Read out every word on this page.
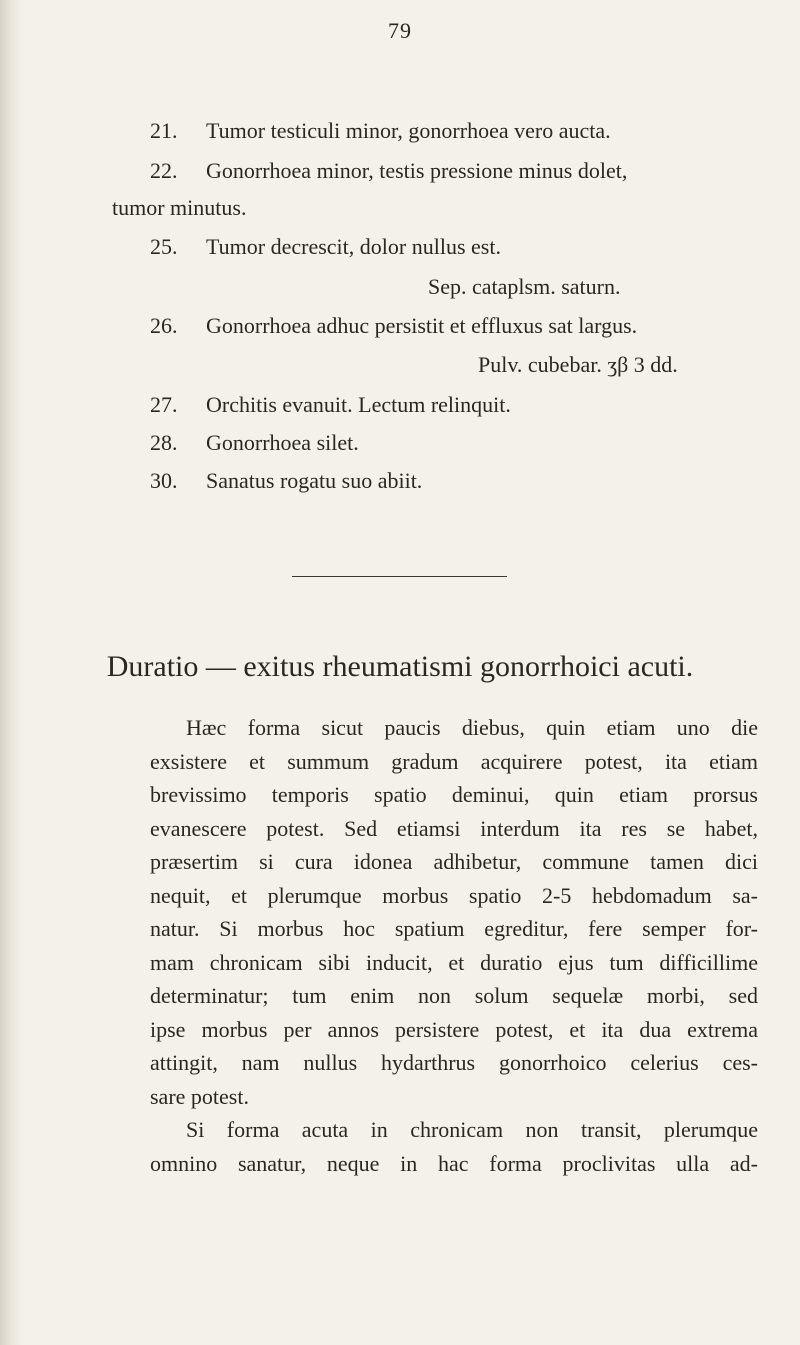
79
21. Tumor testiculi minor, gonorrhoea vero aucta.
22. Gonorrhoea minor, testis pressione minus dolet,
tumor minutus.
25. Tumor decrescit, dolor nullus est.
Sep. cataplsm. saturn.
26. Gonorrhoea adhuc persistit et effluxus sat largus.
Pulv. cubebar. ʒβ 3 dd.
27. Orchitis evanuit. Lectum relinquit.
28. Gonorrhoea silet.
30. Sanatus rogatu suo abiit.
Duratio — exitus rheumatismi gonorrhoici acuti.
Hæc forma sicut paucis diebus, quin etiam uno die
exsistere et summum gradum acquirere potest, ita etiam
brevissimo temporis spatio deminui, quin etiam prorsus
evanescere potest. Sed etiamsi interdum ita res se habet,
præsertim si cura idonea adhibetur, commune tamen dici
nequit, et plerumque morbus spatio 2-5 hebdomadum sa-
natur. Si morbus hoc spatium egreditur, fere semper for-
mam chronicam sibi inducit, et duratio ejus tum difficillime
determinatur; tum enim non solum sequelæ morbi, sed
ipse morbus per annos persistere potest, et ita dua extrema
attingit, nam nullus hydarthrus gonorrhoico celerius ces-
sare potest.
Si forma acuta in chronicam non transit, plerumque
omnino sanatur, neque in hac forma proclivitas ulla ad-
